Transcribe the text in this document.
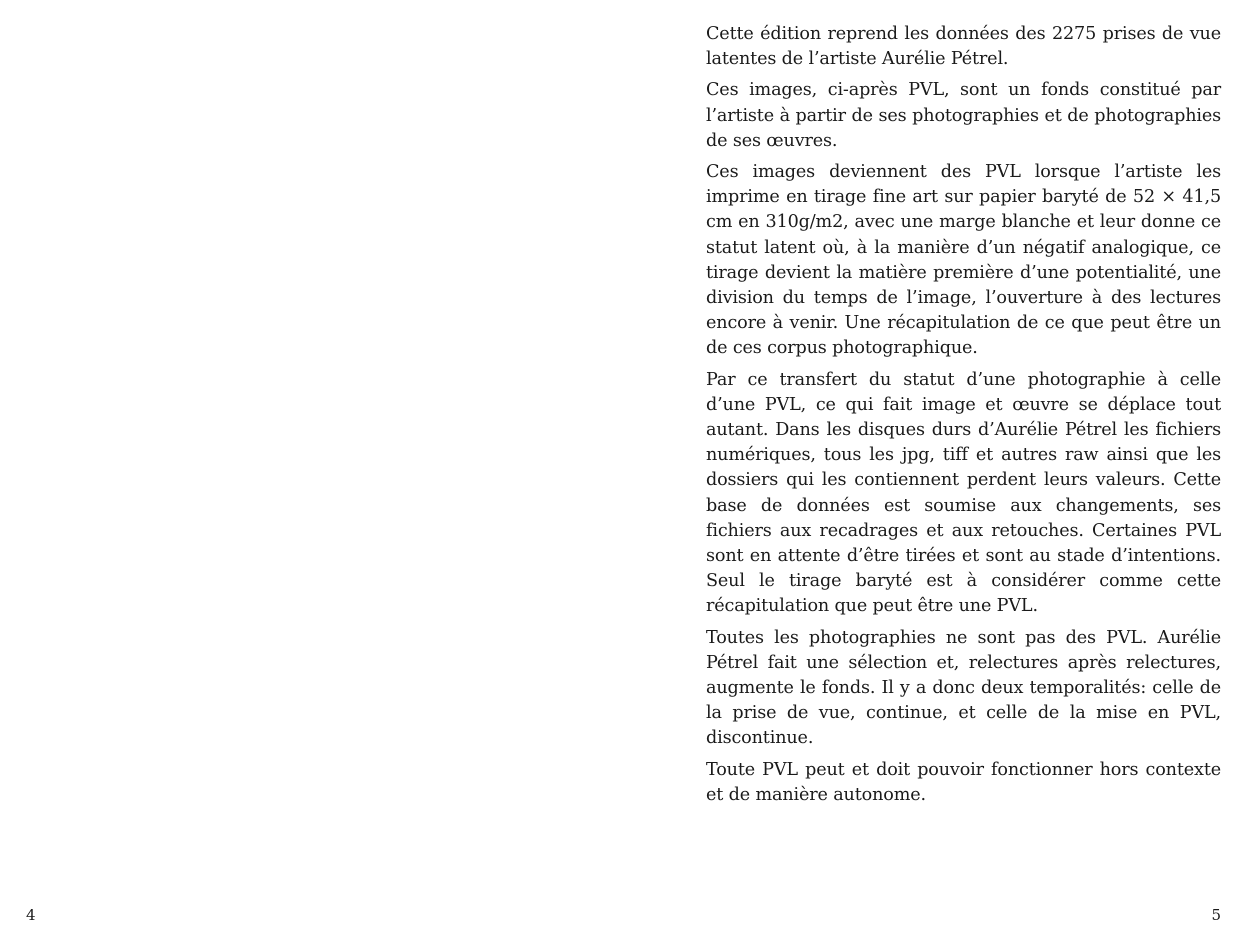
4

Cette édition reprend les données des 2275 prises de vue latentes de l’artiste Aurélie Pétrel.

Ces images, ci-après PVL, sont un fonds constitué par l’artiste à partir de ses photographies et de photographies de ses œuvres.

Ces images deviennent des PVL lorsque l’artiste les imprime en tirage fine art sur papier baryté de 52 × 41,5 cm en 310g/m2, avec une marge blanche et leur donne ce statut latent où, à la manière d’un négatif analogique, ce tirage devient la matière première d’une potentialité, une division du temps de l’image, l’ouverture à des lectures encore à venir. Une récapitulation de ce que peut être un de ces corpus photographique.

Par ce transfert du statut d’une photographie à celle d’une PVL, ce qui fait image et œuvre se déplace tout autant. Dans les disques durs d’Aurélie Pétrel les fichiers numériques, tous les jpg, tiff et autres raw ainsi que les dossiers qui les contiennent perdent leurs valeurs. Cette base de données est soumise aux changements, ses fichiers aux recadrages et aux retouches. Certaines PVL sont en attente d’être tirées et sont au stade d’intentions. Seul le tirage baryté est à considérer comme cette récapitulation que peut être une PVL.

Toutes les photographies ne sont pas des PVL. Aurélie Pétrel fait une sélection et, relectures après relectures, augmente le fonds. Il y a donc deux temporalités: celle de la prise de vue, continue, et celle de la mise en PVL, discontinue.

Toute PVL peut et doit pouvoir fonctionner hors contexte et de manière autonome.

5
